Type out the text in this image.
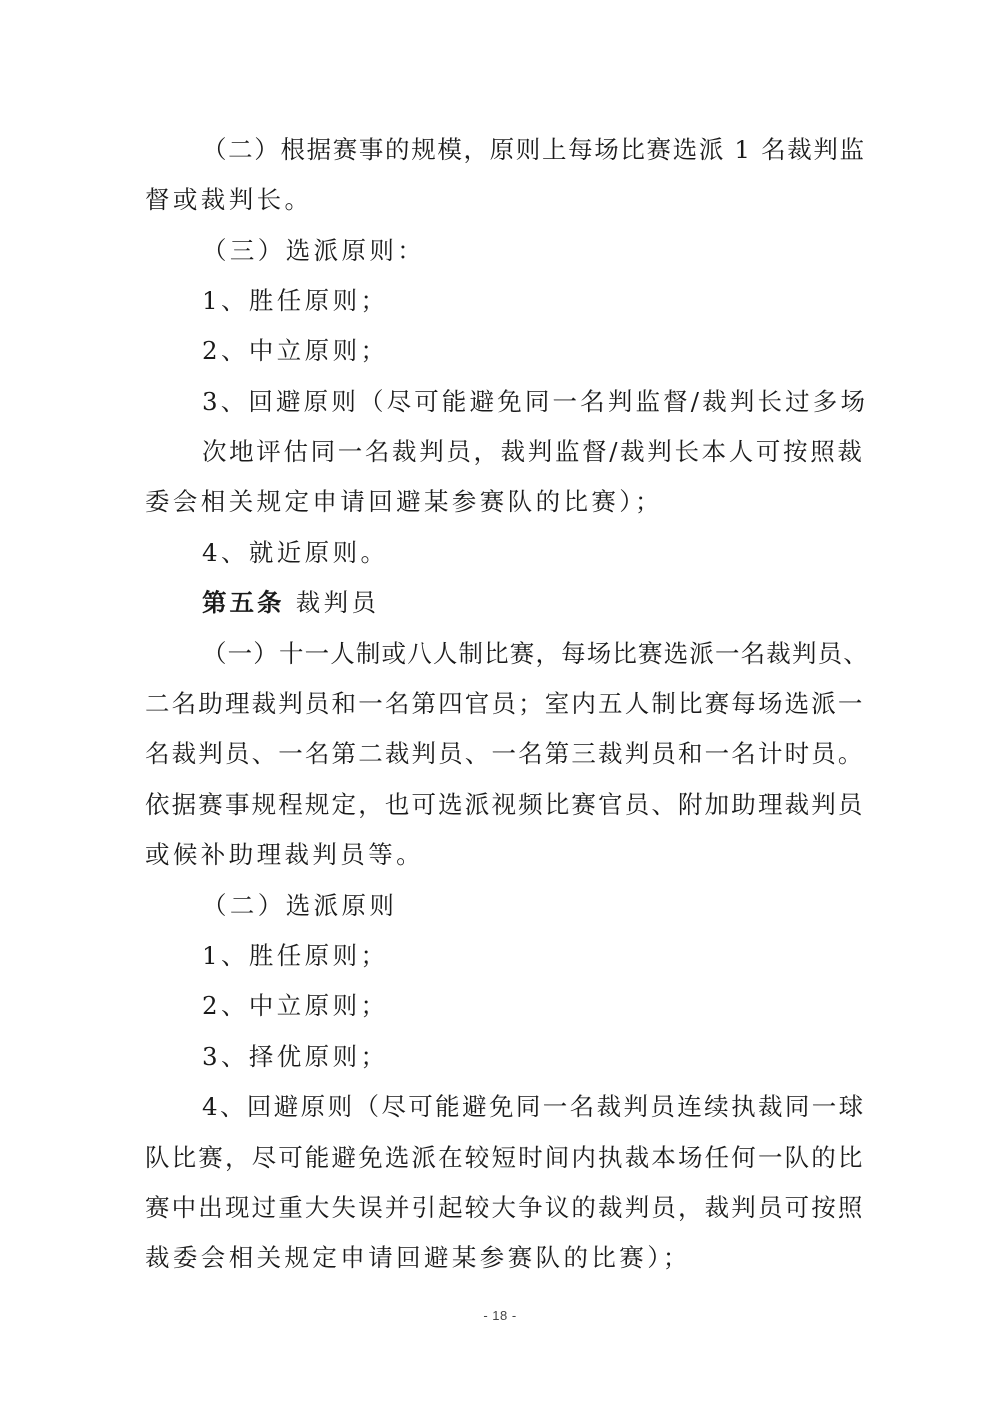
（二）根据赛事的规模，原则上每场比赛选派 1 名裁判监
督或裁判长。
（三）选派原则：
1、胜任原则；
2、中立原则；
3、回避原则（尽可能避免同一名判监督/裁判长过多场
次地评估同一名裁判员，裁判监督/裁判长本人可按照裁
委会相关规定申请回避某参赛队的比赛）；
4、就近原则。
第五条 裁判员
（一）十一人制或八人制比赛，每场比赛选派一名裁判员、
二名助理裁判员和一名第四官员；室内五人制比赛每场选派一
名裁判员、一名第二裁判员、一名第三裁判员和一名计时员。
依据赛事规程规定，也可选派视频比赛官员、附加助理裁判员
或候补助理裁判员等。
（二）选派原则
1、胜任原则；
2、中立原则；
3、择优原则；
4、回避原则（尽可能避免同一名裁判员连续执裁同一球
队比赛，尽可能避免选派在较短时间内执裁本场任何一队的比
赛中出现过重大失误并引起较大争议的裁判员，裁判员可按照
裁委会相关规定申请回避某参赛队的比赛）；
- 18 -
